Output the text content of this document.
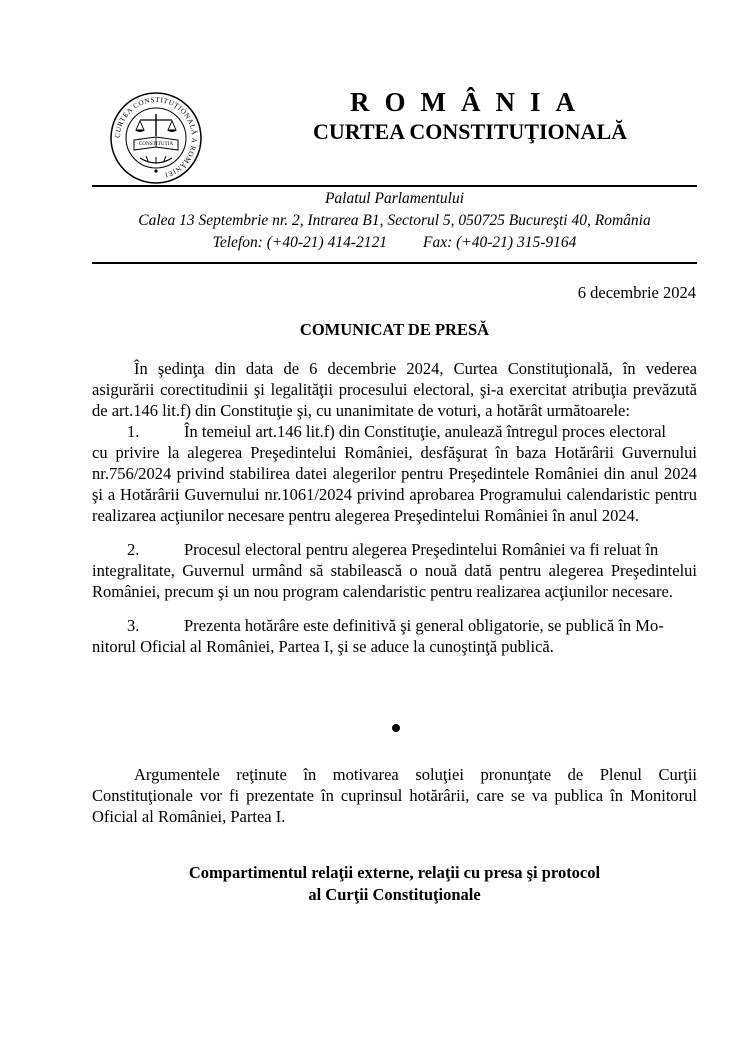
CURTEA CONSTITUȚIONALĂ A ROMÂNIEI
CONSTITUȚIA
ROMÂNIA
CURTEA CONSTITUŢIONALĂ
Palatul Parlamentului
Calea 13 Septembrie nr. 2, Intrarea B1, Sectorul 5, 050725 Bucureşti 40, România
Telefon: (+40-21) 414-2121 Fax: (+40-21) 315-9164
6 decembrie 2024
COMUNICAT DE PRESĂ

În şedinţa din data de 6 decembrie 2024, Curtea Constituţională, în vederea asigurării corectitudinii şi legalităţii procesului electoral, şi-a exercitat atribuţia prevăzută de art.146 lit.f) din Constituţie şi, cu unanimitate de voturi, a hotărât următoarele:

1.	În temeiul art.146 lit.f) din Constituţie, anulează întregul proces electoral

cu privire la alegerea Preşedintelui României, desfăşurat în baza Hotărârii Guvernului nr.756/2024 privind stabilirea datei alegerilor pentru Preşedintele României din anul 2024 şi a Hotărârii Guvernului nr.1061/2024 privind aprobarea Programului calendaristic pentru realizarea acţiunilor necesare pentru alegerea Preşedintelui României în anul 2024.

2.	Procesul electoral pentru alegerea Preşedintelui României va fi reluat în

integralitate, Guvernul urmând să stabilească o nouă dată pentru alegerea Preşedintelui României, precum şi un nou program calendaristic pentru realizarea acţiunilor necesare.

3.	Prezenta hotărâre este definitivă şi general obligatorie, se publică în Mo-

nitorul Oficial al României, Partea I, şi se aduce la cunoştinţă publică.

Argumentele reţinute în motivarea soluţiei pronunţate de Plenul Curţii Constituţionale vor fi prezentate în cuprinsul hotărârii, care se va publica în Monitorul Oficial al României, Partea I.

Compartimentul relaţii externe, relaţii cu presa şi protocol
al Curţii Constituţionale
